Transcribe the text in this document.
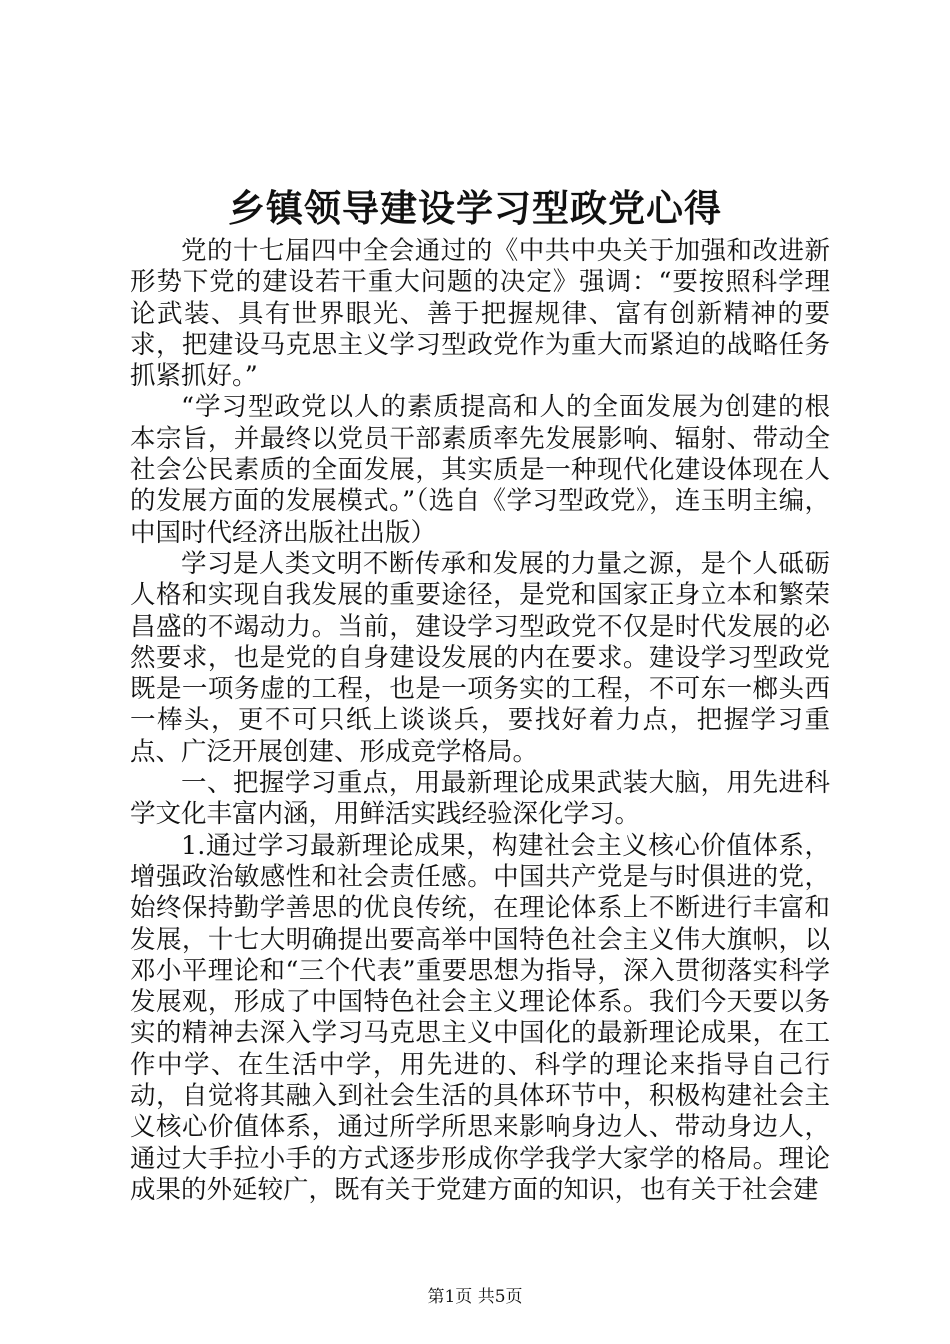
乡镇领导建设学习型政党心得

党的十七届四中全会通过的《中共中央关于加强和改进新形势下党的建设若干重大问题的决定》强调：“要按照科学理论武装、具有世界眼光、善于把握规律、富有创新精神的要求，把建设马克思主义学习型政党作为重大而紧迫的战略任务抓紧抓好。”

“学习型政党以人的素质提高和人的全面发展为创建的根本宗旨，并最终以党员干部素质率先发展影响、辐射、带动全社会公民素质的全面发展，其实质是一种现代化建设体现在人的发展方面的发展模式。”（选自《学习型政党》，连玉明主编，中国时代经济出版社出版）

学习是人类文明不断传承和发展的力量之源，是个人砥砺人格和实现自我发展的重要途径，是党和国家正身立本和繁荣昌盛的不竭动力。当前，建设学习型政党不仅是时代发展的必然要求，也是党的自身建设发展的内在要求。建设学习型政党既是一项务虚的工程，也是一项务实的工程，不可东一榔头西一棒头，更不可只纸上谈谈兵，要找好着力点，把握学习重点、广泛开展创建、形成竞学格局。

一、把握学习重点，用最新理论成果武装大脑，用先进科学文化丰富内涵，用鲜活实践经验深化学习。

1.通过学习最新理论成果，构建社会主义核心价值体系，增强政治敏感性和社会责任感。中国共产党是与时俱进的党，始终保持勤学善思的优良传统，在理论体系上不断进行丰富和发展，十七大明确提出要高举中国特色社会主义伟大旗帜，以邓小平理论和“三个代表”重要思想为指导，深入贯彻落实科学发展观，形成了中国特色社会主义理论体系。我们今天要以务实的精神去深入学习马克思主义中国化的最新理论成果，在工作中学、在生活中学，用先进的、科学的理论来指导自己行动，自觉将其融入到社会生活的具体环节中，积极构建社会主义核心价值体系，通过所学所思来影响身边人、带动身边人，通过大手拉小手的方式逐步形成你学我学大家学的格局。理论成果的外延较广，既有关于党建方面的知识，也有关于社会建

第1页 共5页
